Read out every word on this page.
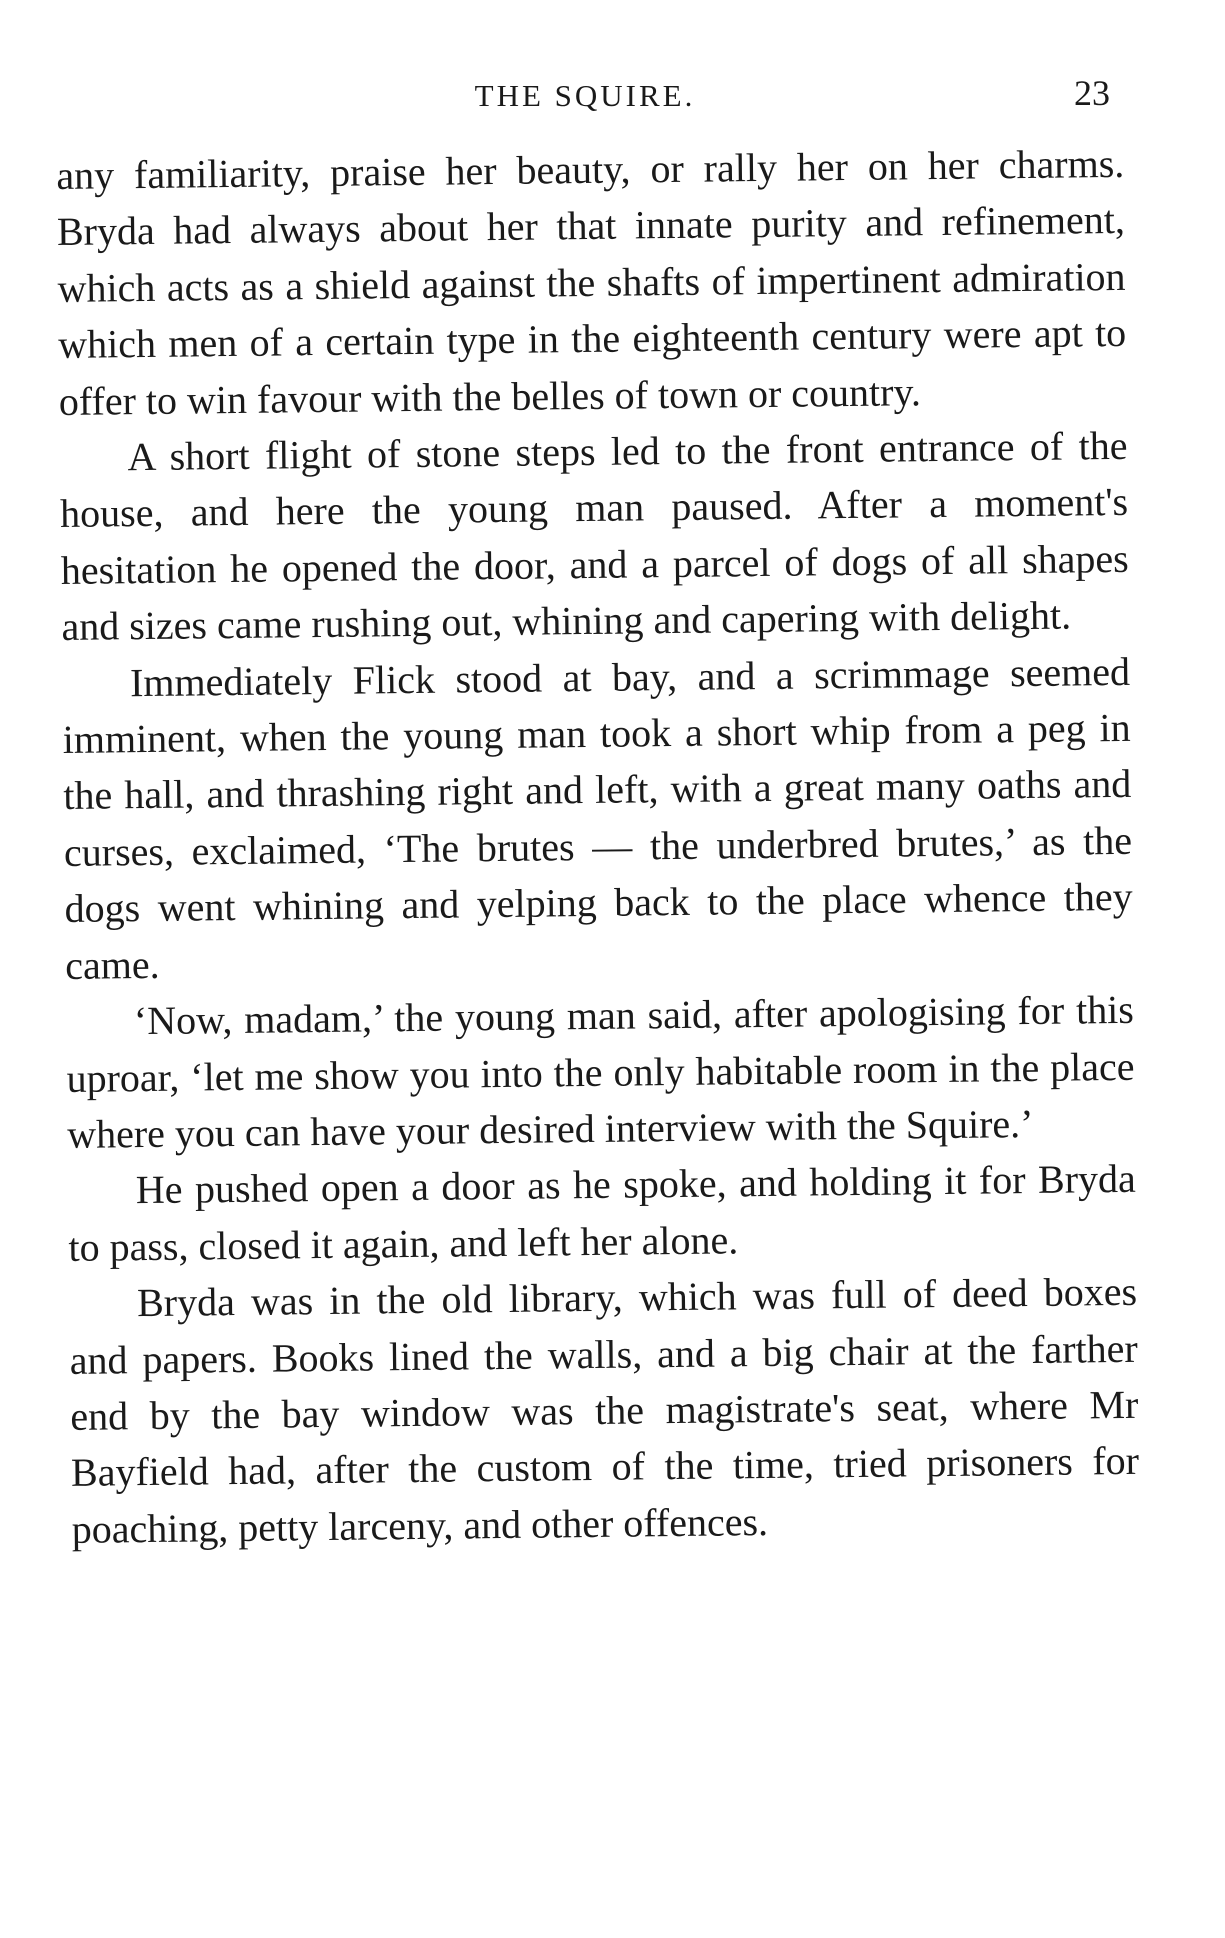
THE SQUIRE.	23

any familiarity, praise her beauty, or rally her on her charms. Bryda had always about her that innate purity and refinement, which acts as a shield against the shafts of impertinent admiration which men of a certain type in the eighteenth century were apt to offer to win favour with the belles of town or country.

A short flight of stone steps led to the front entrance of the house, and here the young man paused. After a moment's hesitation he opened the door, and a parcel of dogs of all shapes and sizes came rushing out, whining and capering with delight.

Immediately Flick stood at bay, and a scrimmage seemed imminent, when the young man took a short whip from a peg in the hall, and thrashing right and left, with a great many oaths and curses, exclaimed, ‘The brutes — the underbred brutes,’ as the dogs went whining and yelping back to the place whence they came.

‘Now, madam,’ the young man said, after apologising for this uproar, ‘let me show you into the only habitable room in the place where you can have your desired interview with the Squire.’

He pushed open a door as he spoke, and holding it for Bryda to pass, closed it again, and left her alone.

Bryda was in the old library, which was full of deed boxes and papers. Books lined the walls, and a big chair at the farther end by the bay window was the magistrate's seat, where Mr Bayfield had, after the custom of the time, tried prisoners for poaching, petty larceny, and other offences.
